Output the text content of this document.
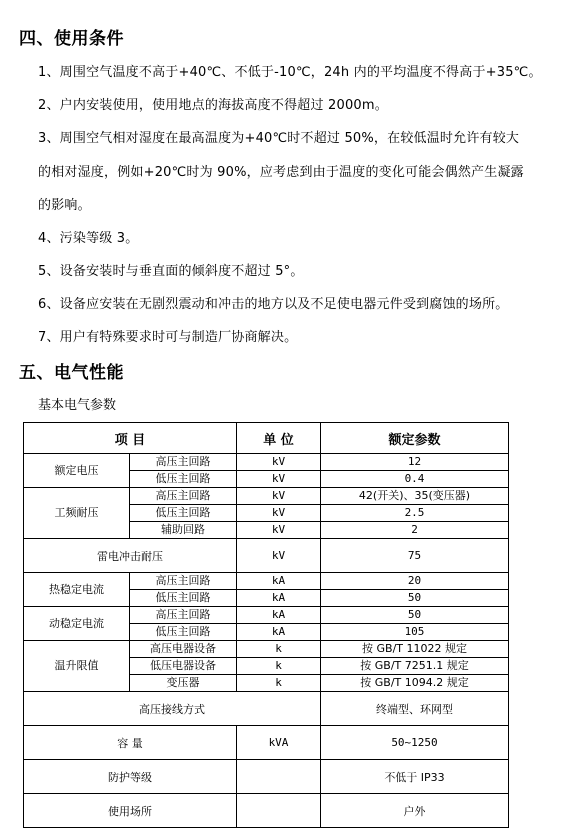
四、使用条件

1、周围空气温度不高于+40℃、不低于-10℃，24h 内的平均温度不得高于+35℃。

2、户内安装使用，使用地点的海拔高度不得超过 2000m。

3、周围空气相对湿度在最高温度为+40℃时不超过 50%，在较低温时允许有较大

的相对湿度，例如+20℃时为 90%，应考虑到由于温度的变化可能会偶然产生凝露

的影响。

4、污染等级 3。

5、设备安装时与垂直面的倾斜度不超过 5°。

6、设备应安装在无剧烈震动和冲击的地方以及不足使电器元件受到腐蚀的场所。

7、用户有特殊要求时可与制造厂协商解决。

五、电气性能
基本电气参数
项 目		单 位	额定参数
额定电压	高压主回路	kV	12
	低压主回路	kV	0.4
工频耐压	高压主回路	kV	42(开关)、35(变压器)
	低压主回路	kV	2.5
	辅助回路	kV	2
雷电冲击耐压		kV	75
热稳定电流	高压主回路	kA	20
	低压主回路	kA	50
动稳定电流	高压主回路	kA	50
	低压主回路	kA	105
温升限值	高压电器设备	k	按 GB/T 11022 规定
	低压电器设备	k	按 GB/T 7251.1 规定
	变压器	k	按 GB/T 1094.2 规定
高压接线方式			终端型、环网型
容 量		kVA	50~1250
防护等级			不低于 IP33
使用场所			户外
